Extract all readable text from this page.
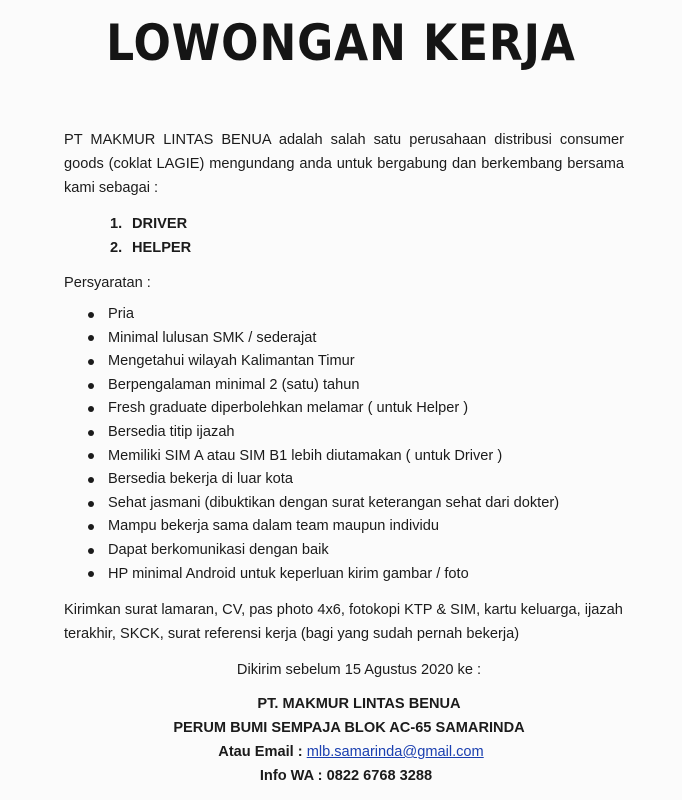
LOWONGAN KERJA
PT MAKMUR LINTAS BENUA adalah salah satu perusahaan distribusi consumer goods (coklat LAGIE) mengundang anda untuk bergabung dan berkembang bersama kami sebagai :
1. DRIVER
2. HELPER
Persyaratan :
Pria
Minimal lulusan SMK / sederajat
Mengetahui wilayah Kalimantan Timur
Berpengalaman minimal 2 (satu) tahun
Fresh graduate diperbolehkan melamar ( untuk Helper )
Bersedia titip ijazah
Memiliki SIM A atau SIM B1 lebih diutamakan ( untuk Driver )
Bersedia bekerja di luar kota
Sehat jasmani (dibuktikan dengan surat keterangan sehat dari dokter)
Mampu bekerja sama dalam team maupun individu
Dapat berkomunikasi dengan baik
HP minimal Android untuk keperluan kirim gambar / foto
Kirimkan surat lamaran, CV, pas photo 4x6, fotokopi KTP & SIM, kartu keluarga, ijazah terakhir, SKCK, surat referensi kerja (bagi yang sudah pernah bekerja)
Dikirim sebelum 15 Agustus 2020 ke :
PT. MAKMUR LINTAS BENUA
PERUM BUMI SEMPAJA BLOK AC-65 SAMARINDA
Atau Email : mlb.samarinda@gmail.com
Info WA : 0822 6768 3288
